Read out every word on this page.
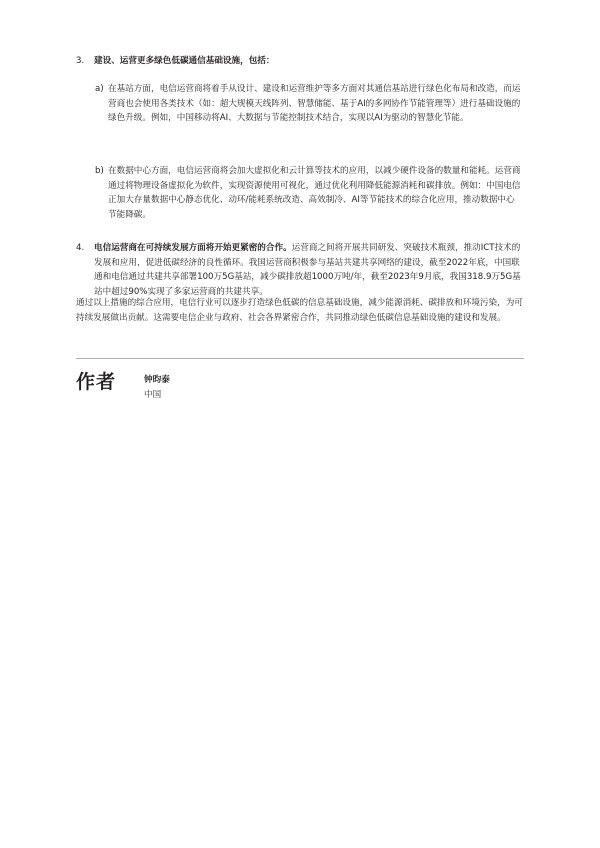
3. 建设、运营更多绿色低碳通信基础设施，包括：
a) 在基站方面，电信运营商将着手从设计、建设和运营维护等多方面对其通信基站进行绿色化布局和改造，而运营商也会使用各类技术（如：超大规模天线阵列、智慧储能、基于AI的多网协作节能管理等）进行基础设施的绿色升级。例如，中国移动将AI、大数据与节能控制技术结合，实现以AI为驱动的智慧化节能。
b) 在数据中心方面，电信运营商将会加大虚拟化和云计算等技术的应用，以减少硬件设备的数量和能耗。运营商通过将物理设备虚拟化为软件，实现资源使用可视化，通过优化利用降低能源消耗和碳排放。例如：中国电信正加大存量数据中心静态优化、动环/能耗系统改造、高效制冷、AI等节能技术的综合化应用，推动数据中心节能降碳。
4. 电信运营商在可持续发展方面将开始更紧密的合作。运营商之间将开展共同研发、突破技术瓶颈，推动ICT技术的发展和应用，促进低碳经济的良性循环。我国运营商积极参与基站共建共享网络的建设，截至2022年底，中国联通和电信通过共建共享部署100万5G基站，减少碳排放超1000万吨/年，截至2023年9月底，我国318.9万5G基站中超过90%实现了多家运营商的共建共享。
通过以上措施的综合应用，电信行业可以逐步打造绿色低碳的信息基础设施，减少能源消耗、碳排放和环境污染，为可持续发展做出贡献。这需要电信企业与政府、社会各界紧密合作，共同推动绿色低碳信息基础设施的建设和发展。
作者	钟昀泰
中国
